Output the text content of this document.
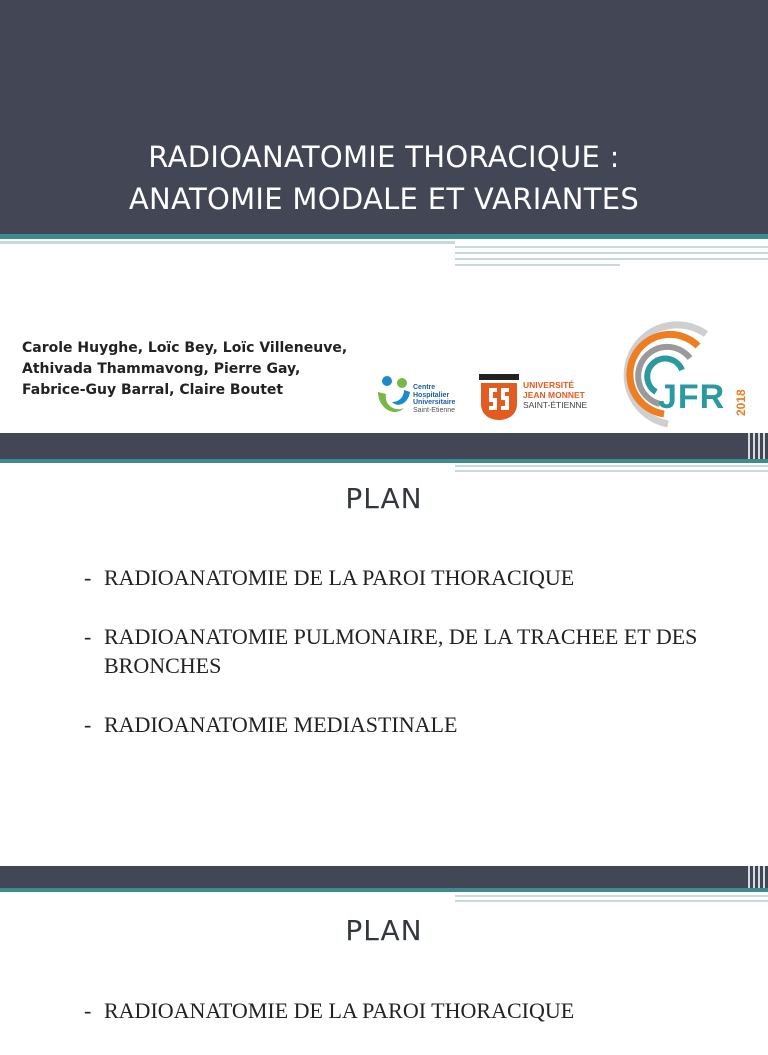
RADIOANATOMIE THORACIQUE :
ANATOMIE MODALE ET VARIANTES
Carole Huyghe, Loïc Bey, Loïc Villeneuve,
Athivada Thammavong, Pierre Gay,
Fabrice-Guy Barral, Claire Boutet	Centre
Hospitalier
Universitaire
Saint-Etienne
UNIVERSITÉ
JEAN MONNET
SAINT-ÉTIENNE JFR 2018
PLAN
- RADIOANATOMIE DE LA PAROI THORACIQUE
- RADIOANATOMIE PULMONAIRE, DE LA TRACHEE ET DES BRONCHES
- RADIOANATOMIE MEDIASTINALE
PLAN
- RADIOANATOMIE DE LA PAROI THORACIQUE
